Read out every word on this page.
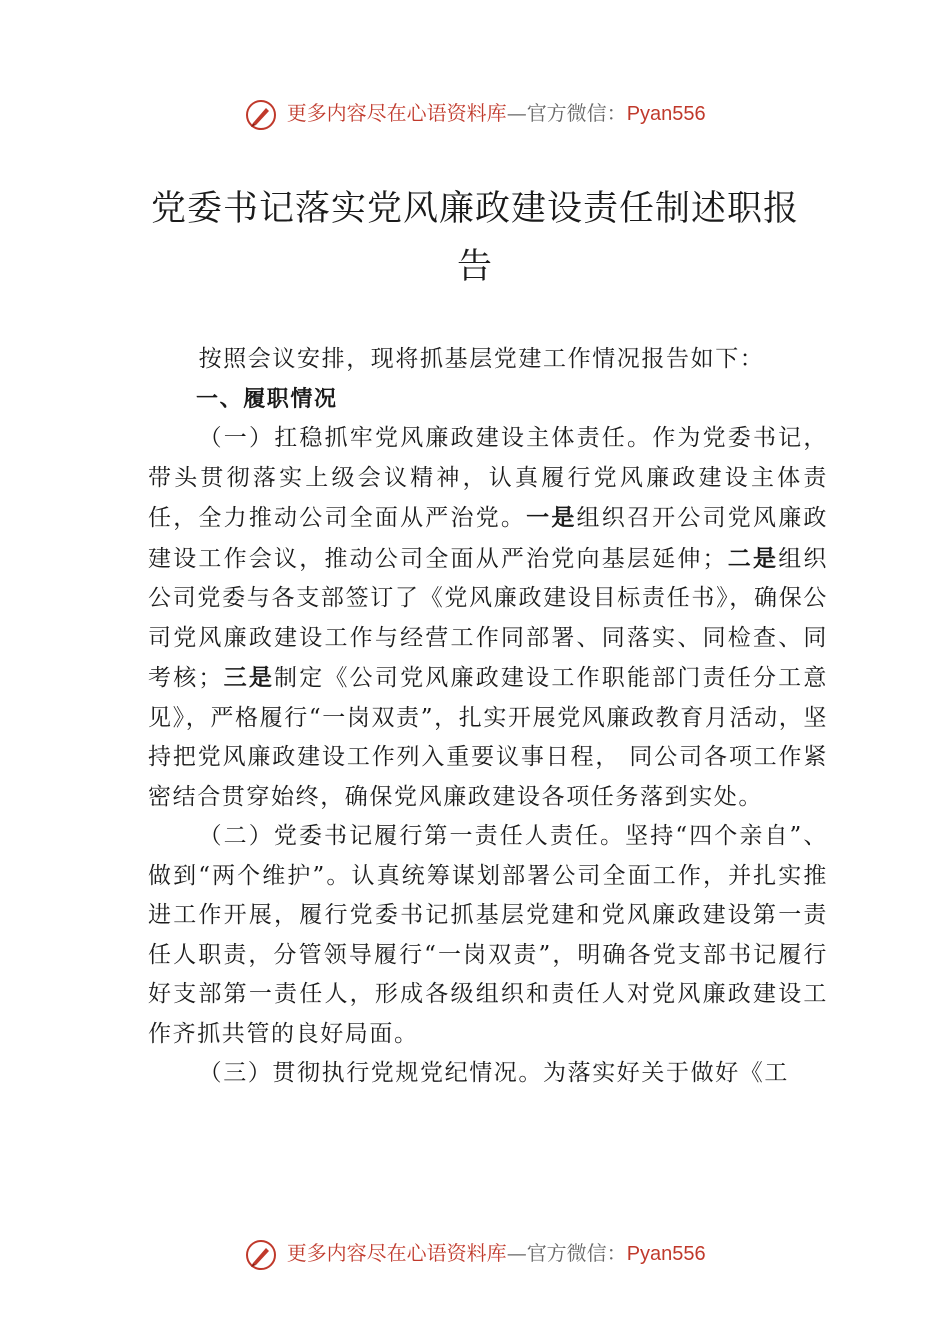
更多内容尽在心语资料库—官方微信：Pyan556
党委书记落实党风廉政建设责任制述职报告

按照会议安排，现将抓基层党建工作情况报告如下：

一、履职情况

（一）扛稳抓牢党风廉政建设主体责任。作为党委书记，带头贯彻落实上级会议精神，认真履行党风廉政建设主体责任，全力推动公司全面从严治党。一是组织召开公司党风廉政建设工作会议，推动公司全面从严治党向基层延伸；二是组织公司党委与各支部签订了《党风廉政建设目标责任书》，确保公司党风廉政建设工作与经营工作同部署、同落实、同检查、同考核；三是制定《公司党风廉政建设工作职能部门责任分工意见》，严格履行“一岗双责”，扎实开展党风廉政教育月活动，坚持把党风廉政建设工作列入重要议事日程， 同公司各项工作紧密结合贯穿始终，确保党风廉政建设各项任务落到实处。

（二）党委书记履行第一责任人责任。坚持“四个亲自”、做到“两个维护”。认真统筹谋划部署公司全面工作，并扎实推进工作开展，履行党委书记抓基层党建和党风廉政建设第一责任人职责，分管领导履行“一岗双责”，明确各党支部书记履行好支部第一责任人，形成各级组织和责任人对党风廉政建设工作齐抓共管的良好局面。

（三）贯彻执行党规党纪情况。为落实好关于做好《工

更多内容尽在心语资料库—官方微信：Pyan556
